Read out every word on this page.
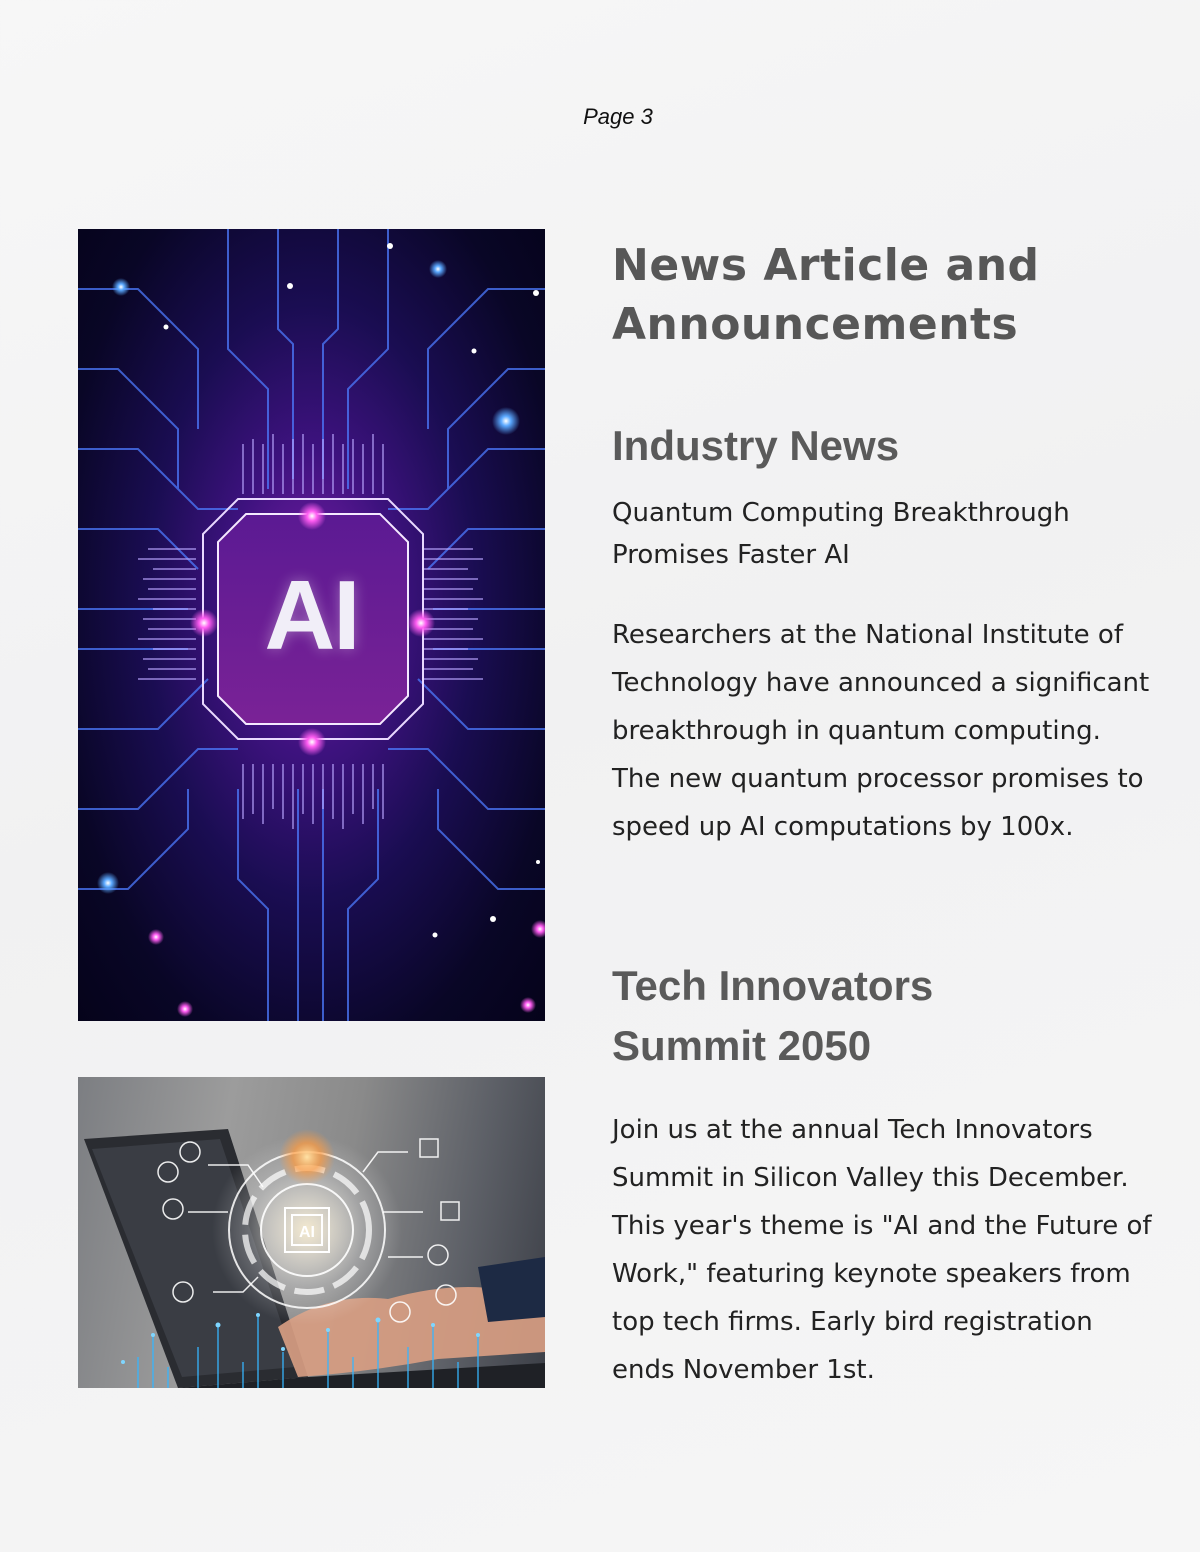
Page 3
AI
AI
News Article and Announcements
Industry News

Quantum Computing Breakthrough Promises Faster AI

Researchers at the National Institute of Technology have announced a significant breakthrough in quantum computing. The new quantum processor promises to speed up AI computations by 100x.

Tech Innovators Summit 2050

Join us at the annual Tech Innovators Summit in Silicon Valley this December. This year's theme is "AI and the Future of Work," featuring keynote speakers from top tech firms. Early bird registration ends November 1st.
